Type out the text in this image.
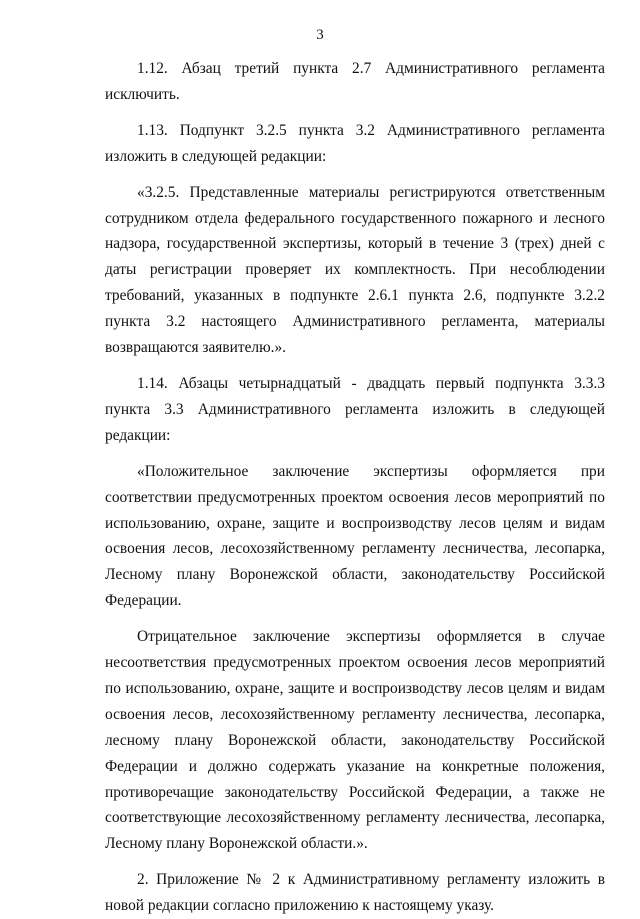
3

1.12. Абзац третий пункта 2.7 Административного регламента исключить.

1.13. Подпункт 3.2.5 пункта 3.2 Административного регламента изложить в следующей редакции:

«3.2.5. Представленные материалы регистрируются ответственным сотрудником отдела федерального государственного пожарного и лесного надзора, государственной экспертизы, который в течение 3 (трех) дней с даты регистрации проверяет их комплектность. При несоблюдении требований, указанных в подпункте 2.6.1 пункта 2.6, подпункте 3.2.2 пункта 3.2 настоящего Административного регламента, материалы возвращаются заявителю.».

1.14. Абзацы четырнадцатый - двадцать первый подпункта 3.3.3 пункта 3.3 Административного регламента изложить в следующей редакции:

«Положительное заключение экспертизы оформляется при соответствии предусмотренных проектом освоения лесов мероприятий по использованию, охране, защите и воспроизводству лесов целям и видам освоения лесов, лесохозяйственному регламенту лесничества, лесопарка, Лесному плану Воронежской области, законодательству Российской Федерации.

Отрицательное заключение экспертизы оформляется в случае несоответствия предусмотренных проектом освоения лесов мероприятий по использованию, охране, защите и воспроизводству лесов целям и видам освоения лесов, лесохозяйственному регламенту лесничества, лесопарка, лесному плану Воронежской области, законодательству Российской Федерации и должно содержать указание на конкретные положения, противоречащие законодательству Российской Федерации, а также не соответствующие лесохозяйственному регламенту лесничества, лесопарка, Лесному плану Воронежской области.».

2. Приложение № 2 к Административному регламенту изложить в новой редакции согласно приложению к настоящему указу.
